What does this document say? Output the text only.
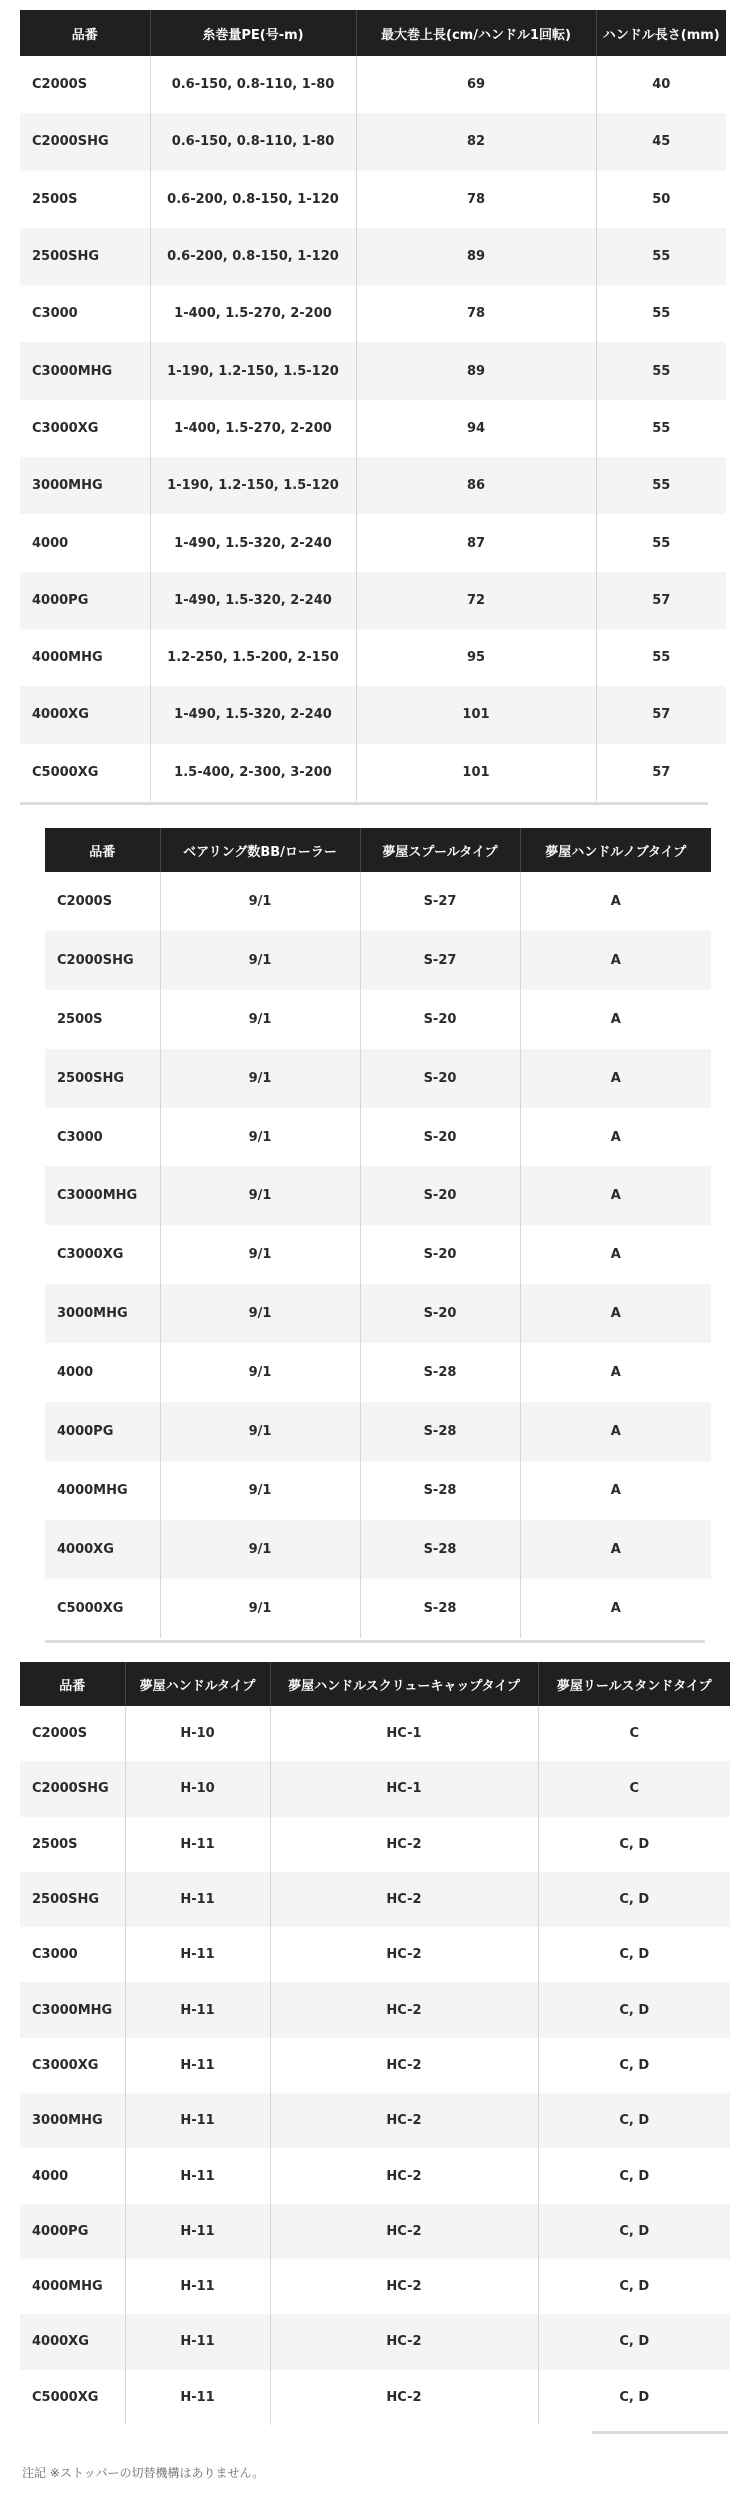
品番	糸巻量PE(号-m)	最大巻上長(cm/ハンドル1回転)	ハンドル長さ(mm)
C2000S	0.6-150, 0.8-110, 1-80	69	40
C2000SHG	0.6-150, 0.8-110, 1-80	82	45
2500S	0.6-200, 0.8-150, 1-120	78	50
2500SHG	0.6-200, 0.8-150, 1-120	89	55
C3000	1-400, 1.5-270, 2-200	78	55
C3000MHG	1-190, 1.2-150, 1.5-120	89	55
C3000XG	1-400, 1.5-270, 2-200	94	55
3000MHG	1-190, 1.2-150, 1.5-120	86	55
4000	1-490, 1.5-320, 2-240	87	55
4000PG	1-490, 1.5-320, 2-240	72	57
4000MHG	1.2-250, 1.5-200, 2-150	95	55
4000XG	1-490, 1.5-320, 2-240	101	57
C5000XG	1.5-400, 2-300, 3-200	101	57
品番	ベアリング数BB/ローラー	夢屋スプールタイプ	夢屋ハンドルノブタイプ
C2000S	9/1	S-27	A
C2000SHG	9/1	S-27	A
2500S	9/1	S-20	A
2500SHG	9/1	S-20	A
C3000	9/1	S-20	A
C3000MHG	9/1	S-20	A
C3000XG	9/1	S-20	A
3000MHG	9/1	S-20	A
4000	9/1	S-28	A
4000PG	9/1	S-28	A
4000MHG	9/1	S-28	A
4000XG	9/1	S-28	A
C5000XG	9/1	S-28	A
品番	夢屋ハンドルタイプ	夢屋ハンドルスクリューキャップタイプ	夢屋リールスタンドタイプ
C2000S	H-10	HC-1	C
C2000SHG	H-10	HC-1	C
2500S	H-11	HC-2	C, D
2500SHG	H-11	HC-2	C, D
C3000	H-11	HC-2	C, D
C3000MHG	H-11	HC-2	C, D
C3000XG	H-11	HC-2	C, D
3000MHG	H-11	HC-2	C, D
4000	H-11	HC-2	C, D
4000PG	H-11	HC-2	C, D
4000MHG	H-11	HC-2	C, D
4000XG	H-11	HC-2	C, D
C5000XG	H-11	HC-2	C, D
注記 ※ストッパーの切替機構はありません。
